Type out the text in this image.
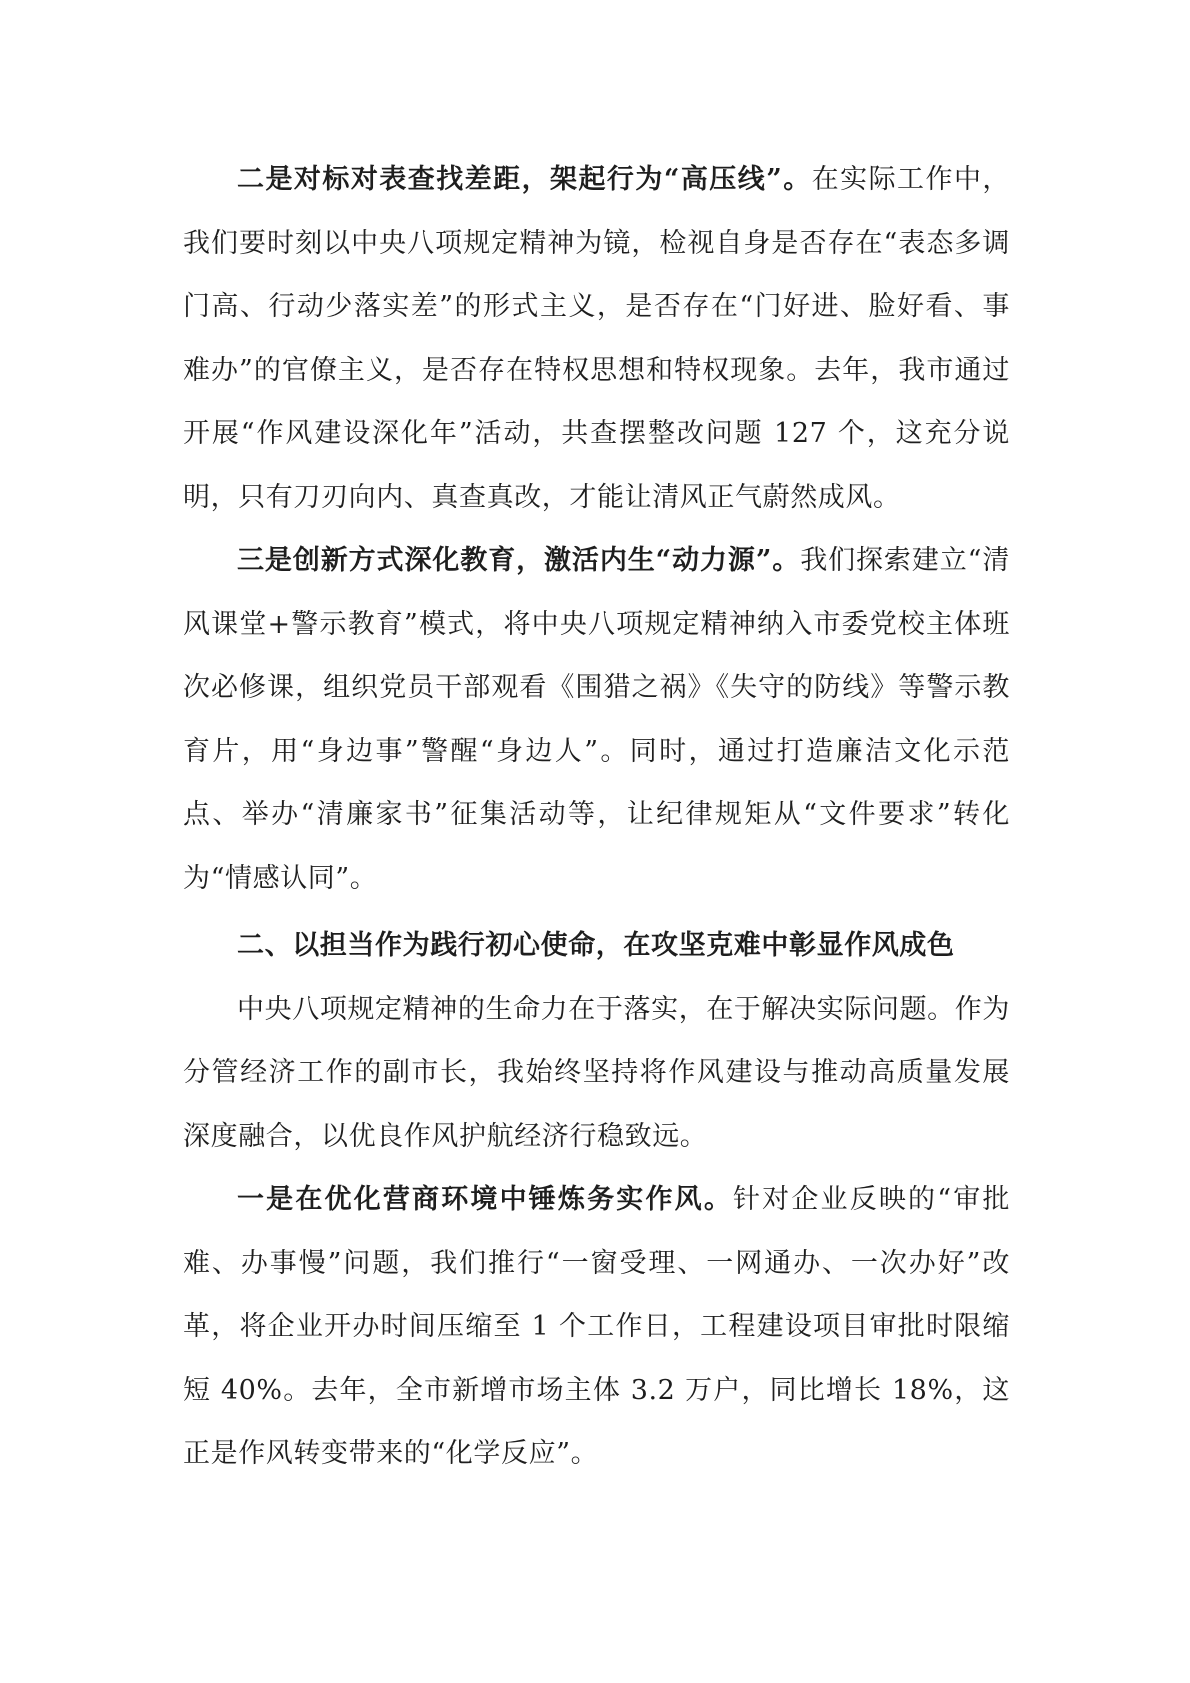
二是对标对表查找差距，架起行为“高压线”。在实际工作中，我们要时刻以中央八项规定精神为镜，检视自身是否存在“表态多调门高、行动少落实差”的形式主义，是否存在“门好进、脸好看、事难办”的官僚主义，是否存在特权思想和特权现象。去年，我市通过开展“作风建设深化年”活动，共查摆整改问题 127 个，这充分说明，只有刀刃向内、真查真改，才能让清风正气蔚然成风。

三是创新方式深化教育，激活内生“动力源”。我们探索建立“清风课堂+警示教育”模式，将中央八项规定精神纳入市委党校主体班次必修课，组织党员干部观看《围猎之祸》《失守的防线》等警示教育片，用“身边事”警醒“身边人”。同时，通过打造廉洁文化示范点、举办“清廉家书”征集活动等，让纪律规矩从“文件要求”转化为“情感认同”。

二、以担当作为践行初心使命，在攻坚克难中彰显作风成色

中央八项规定精神的生命力在于落实，在于解决实际问题。作为分管经济工作的副市长，我始终坚持将作风建设与推动高质量发展深度融合，以优良作风护航经济行稳致远。

一是在优化营商环境中锤炼务实作风。针对企业反映的“审批难、办事慢”问题，我们推行“一窗受理、一网通办、一次办好”改革，将企业开办时间压缩至 1 个工作日，工程建设项目审批时限缩短 40%。去年，全市新增市场主体 3.2 万户，同比增长 18%，这正是作风转变带来的“化学反应”。
